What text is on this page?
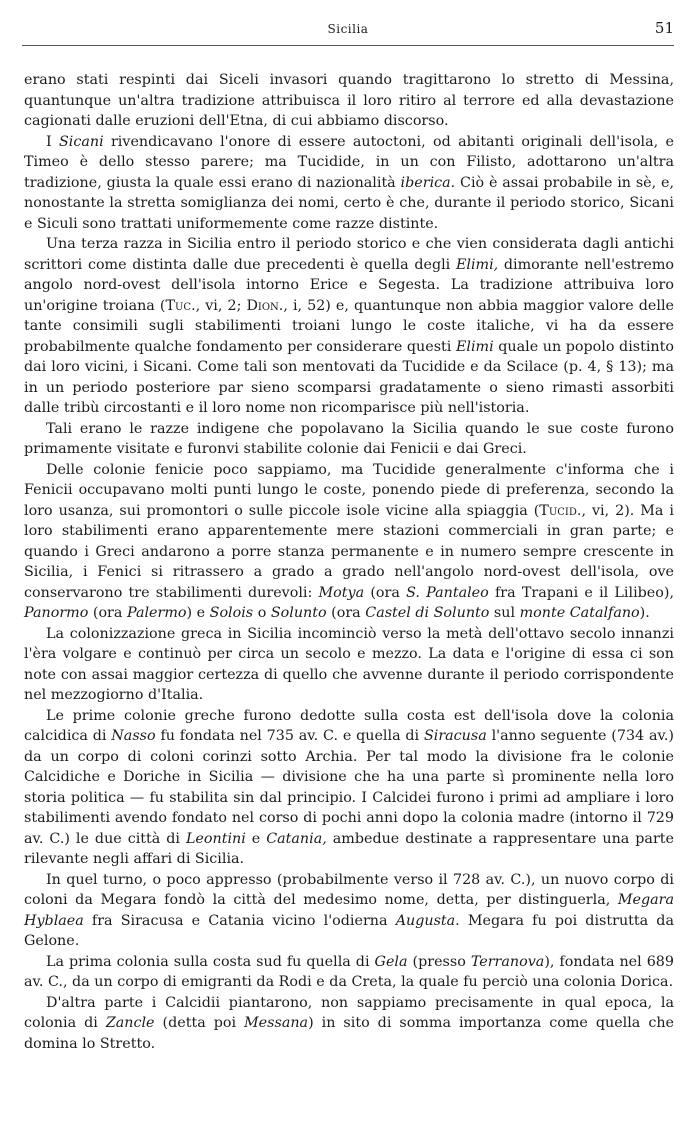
Sicilia	51

erano stati respinti dai Siceli invasori quando tragittarono lo stretto di Messina, quantunque un'altra tradizione attribuisca il loro ritiro al terrore ed alla devastazione cagionati dalle eruzioni dell'Etna, di cui abbiamo discorso.

I Sicani rivendicavano l'onore di essere autoctoni, od abitanti originali dell'isola, e Timeo è dello stesso parere; ma Tucidide, in un con Filisto, adottarono un'altra tradizione, giusta la quale essi erano di nazionalità iberica. Ciò è assai probabile in sè, e, nonostante la stretta somiglianza dei nomi, certo è che, durante il periodo storico, Sicani e Siculi sono trattati uniformemente come razze distinte.

Una terza razza in Sicilia entro il periodo storico e che vien considerata dagli antichi scrittori come distinta dalle due precedenti è quella degli Elimi, dimorante nell'estremo angolo nord-ovest dell'isola intorno Erice e Segesta. La tradizione attribuiva loro un'origine troiana (Tuc., vi, 2; Dion., i, 52) e, quantunque non abbia maggior valore delle tante consimili sugli stabilimenti troiani lungo le coste italiche, vi ha da essere probabilmente qualche fondamento per considerare questi Elimi quale un popolo distinto dai loro vicini, i Sicani. Come tali son mentovati da Tucidide e da Scilace (p. 4, § 13); ma in un periodo posteriore par sieno scomparsi gradatamente o sieno rimasti assorbiti dalle tribù circostanti e il loro nome non ricomparisce più nell'istoria.

Tali erano le razze indigene che popolavano la Sicilia quando le sue coste furono primamente visitate e furonvi stabilite colonie dai Fenicii e dai Greci.

Delle colonie fenicie poco sappiamo, ma Tucidide generalmente c'informa che i Fenicii occupavano molti punti lungo le coste, ponendo piede di preferenza, secondo la loro usanza, sui promontori o sulle piccole isole vicine alla spiaggia (Tucid., vi, 2). Ma i loro stabilimenti erano apparentemente mere stazioni commerciali in gran parte; e quando i Greci andarono a porre stanza permanente e in numero sempre crescente in Sicilia, i Fenici si ritrassero a grado a grado nell'angolo nord-ovest dell'isola, ove conservarono tre stabilimenti durevoli: Motya (ora S. Pantaleo fra Trapani e il Lilibeo), Panormo (ora Palermo) e Solois o Solunto (ora Castel di Soluntо sul monte Catalfano).

La colonizzazione greca in Sicilia incominciò verso la metà dell'ottavo secolo innanzi l'èra volgare e continuò per circa un secolo e mezzo. La data e l'origine di essa ci son note con assai maggior certezza di quello che avvenne durante il periodo corrispondente nel mezzogiorno d'Italia.

Le prime colonie greche furono dedotte sulla costa est dell'isola dove la colonia calcidica di Nasso fu fondata nel 735 av. C. e quella di Siracusa l'anno seguente (734 av.) da un corpo di coloni corinzi sotto Archia. Per tal modo la divisione fra le colonie Calcidiche e Doriche in Sicilia — divisione che ha una parte sì prominente nella loro storia politica — fu stabilita sin dal principio. I Calcidei furono i primi ad ampliare i loro stabilimenti avendo fondato nel corso di pochi anni dopo la colonia madre (intorno il 729 av. C.) le due città di Leontini e Catania, ambedue destinate a rappresentare una parte rilevante negli affari di Sicilia.

In quel turno, o poco appresso (probabilmente verso il 728 av. C.), un nuovo corpo di coloni da Megara fondò la città del medesimo nome, detta, per distinguerla, Megara Hyblaea fra Siracusa e Catania vicino l'odierna Augusta. Megara fu poi distrutta da Gelone.

La prima colonia sulla costa sud fu quella di Gela (presso Terranova), fondata nel 689 av. C., da un corpo di emigranti da Rodi e da Creta, la quale fu perciò una colonia Dorica.

D'altra parte i Calcidii piantarono, non sappiamo precisamente in qual epoca, la colonia di Zancle (detta poi Messana) in sito di somma importanza come quella che domina lo Stretto.
